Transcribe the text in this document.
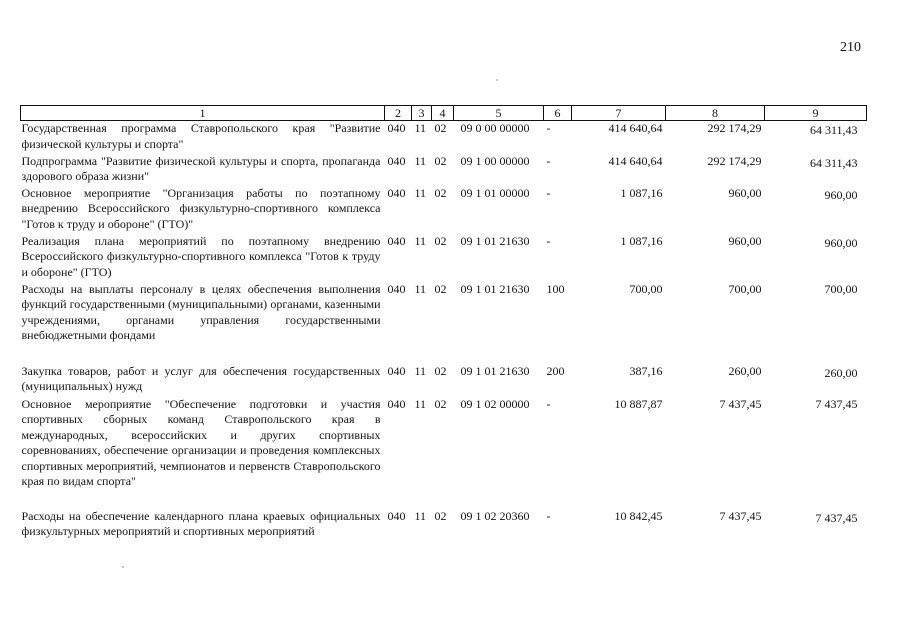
210
1	2	3	4	5	6	7	8	9
Государственная программа Ставропольского края "Развитие физической культуры и спорта"	040	11	02	09 0 00 00000	-	414 640,64	292 174,29	64 311,43
Подпрограмма "Развитие физической культуры и спорта, пропаганда здорового образа жизни"	040	11	02	09 1 00 00000	-	414 640,64	292 174,29	64 311,43
Основное мероприятие "Организация работы по поэтапному внедрению Всероссийского физкультурно-спортивного комплекса "Готов к труду и обороне" (ГТО)"	040	11	02	09 1 01 00000	-	1 087,16	960,00	960,00
Реализация плана мероприятий по поэтапному внедрению Всероссийского физкультурно-спортивного комплекса "Готов к труду и обороне" (ГТО)	040	11	02	09 1 01 21630	-	1 087,16	960,00	960,00
Расходы на выплаты персоналу в целях обеспечения выполнения функций государственными (муниципальными) органами, казенными учреждениями, органами управления государственными внебюджетными фондами	040	11	02	09 1 01 21630	100	700,00	700,00	700,00
Закупка товаров, работ и услуг для обеспечения государственных (муниципальных) нужд	040	11	02	09 1 01 21630	200	387,16	260,00	260,00
Основное мероприятие "Обеспечение подготовки и участия спортивных сборных команд Ставропольского края в международных, всероссийских и других спортивных соревнованиях, обеспечение организации и проведения комплексных спортивных мероприятий, чемпионатов и первенств Ставропольского края по видам спорта"	040	11	02	09 1 02 00000	-	10 887,87	7 437,45	7 437,45
Расходы на обеспечение календарного плана краевых официальных физкультурных мероприятий и спортивных мероприятий	040	11	02	09 1 02 20360	-	10 842,45	7 437,45	7 437,45
